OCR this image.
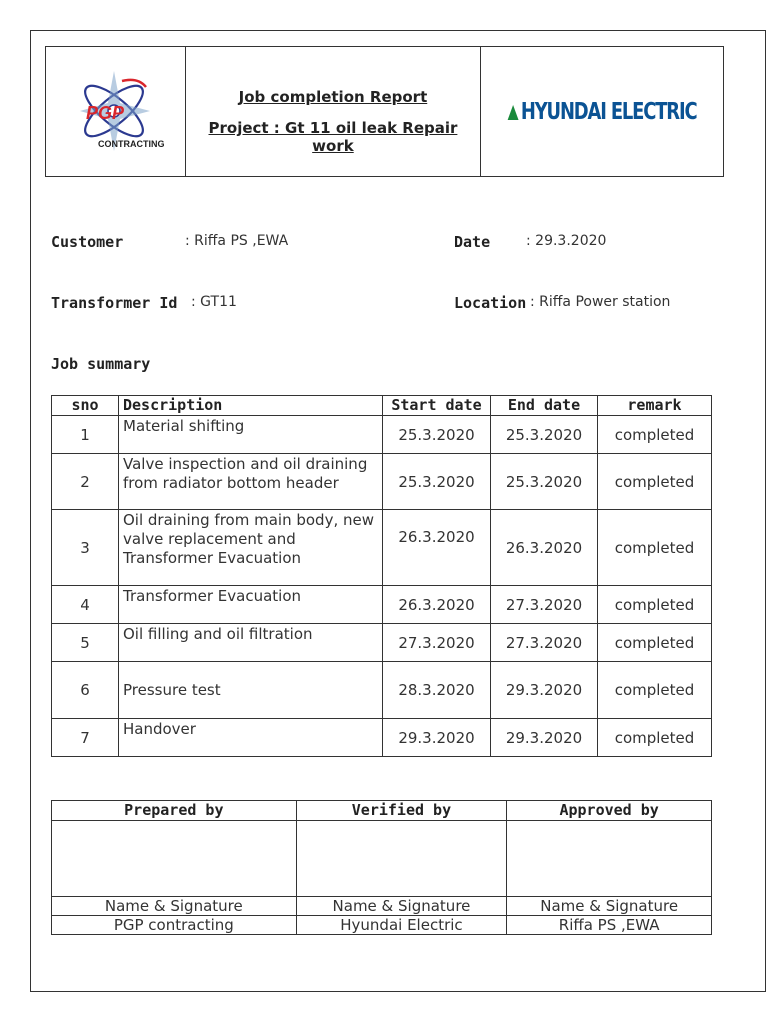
PGP
CONTRACTING
Job completion Report
Project : Gt 11 oil leak Repair work
HYUNDAI ELECTRIC
Customer	: Riffa PS ,EWA	Date	: 29.3.2020
Transformer Id : GT11	Location : Riffa Power station
Job summary
sno	Description	Start date	End date	remark
1	Material shifting	25.3.2020	25.3.2020	completed
2	Valve inspection and oil draining from radiator bottom header	25.3.2020	25.3.2020	completed
3	Oil draining from main body, new valve replacement and Transformer Evacuation	26.3.2020	26.3.2020	completed
4	Transformer Evacuation	26.3.2020	27.3.2020	completed
5	Oil filling and oil filtration	27.3.2020	27.3.2020	completed
6	Pressure test	28.3.2020	29.3.2020	completed
7	Handover	29.3.2020	29.3.2020	completed
Prepared by	Verified by	Approved by

Name & Signature	Name & Signature	Name & Signature
PGP contracting	Hyundai Electric	Riffa PS ,EWA
